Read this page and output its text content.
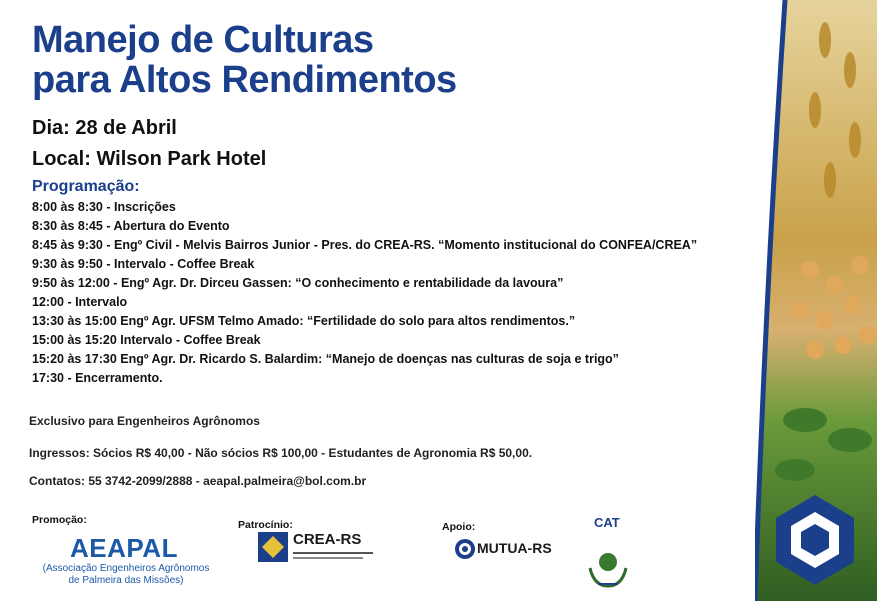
Manejo de Culturas
para Altos Rendimentos
Dia: 28 de Abril
Local: Wilson Park Hotel
Programação:
8:00 às 8:30 - Inscrições
8:30 às 8:45 - Abertura do Evento
8:45 às 9:30 - Engº Civil - Melvis Bairros Junior - Pres. do CREA-RS. “Momento institucional do CONFEA/CREA”
9:30 às 9:50 - Intervalo - Coffee Break
9:50 às 12:00 - Engº Agr. Dr. Dirceu Gassen: “O conhecimento e rentabilidade da lavoura”
12:00 - Intervalo
13:30 às 15:00 Engº Agr. UFSM Telmo Amado: “Fertilidade do solo para altos rendimentos.”
15:00 às 15:20 Intervalo - Coffee Break
15:20 às 17:30 Engº Agr. Dr. Ricardo S. Balardim: “Manejo de doenças nas culturas de soja e trigo”
17:30 - Encerramento.
Exclusivo para Engenheiros Agrônomos
Ingressos: Sócios R$ 40,00 - Não sócios R$ 100,00 - Estudantes de Agronomia R$ 50,00.
Contatos: 55 3742-2099/2888 - aeapal.palmeira@bol.com.br
Promoção:
AEAPAL
(Associação Engenheiros Agrônomos de Palmeira das Missões)
Patrocínio:
CREA-RS
Apoio:
MUTUA-RS
CAT
